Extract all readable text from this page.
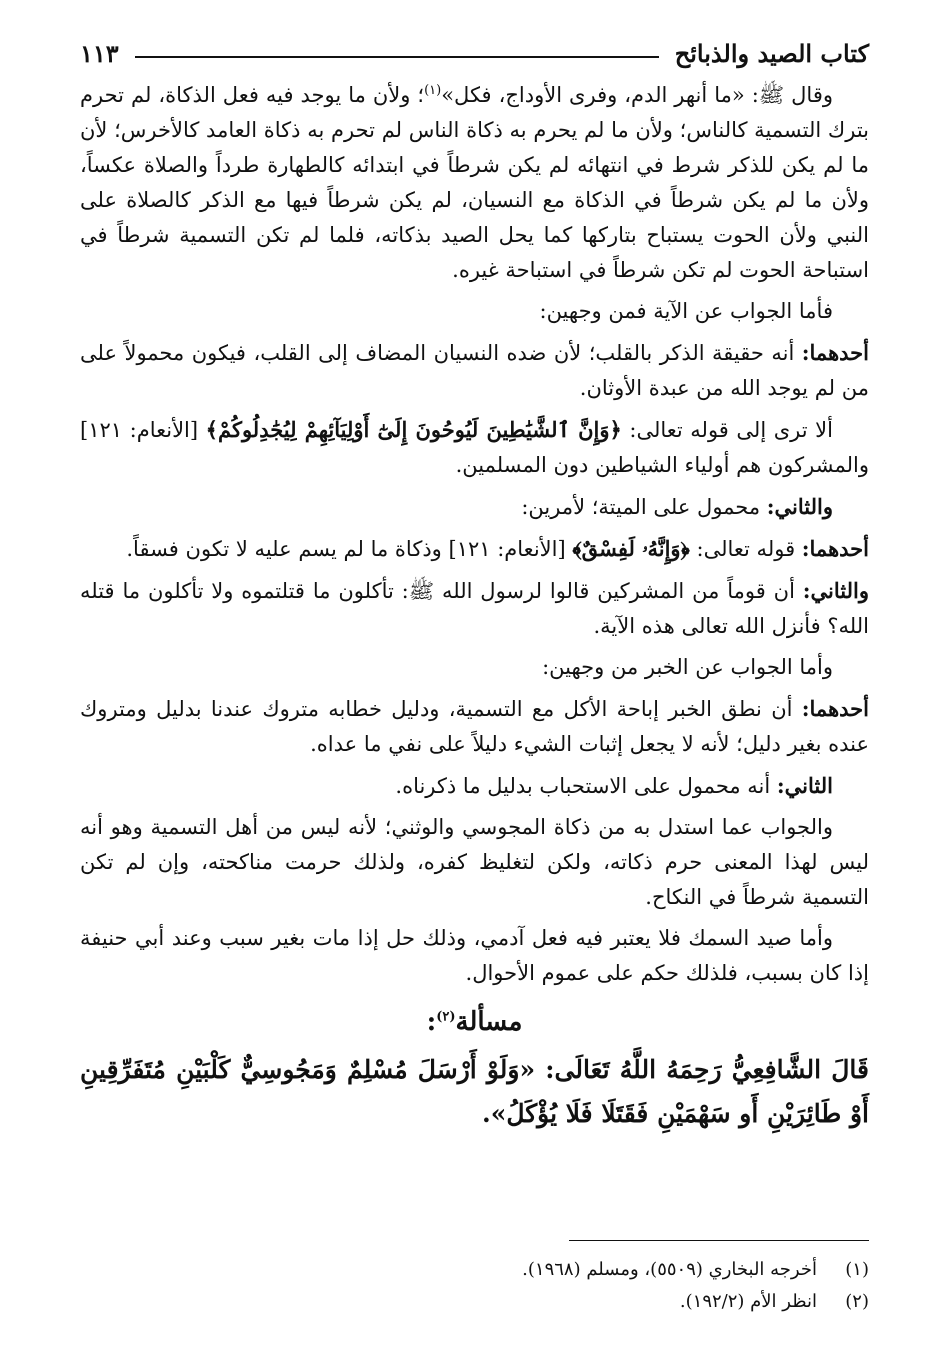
كتاب الصيد والذبائح
١١٣

وقال ﷺ: «ما أنهر الدم، وفرى الأوداج، فكل»$^{(١)}$؛ ولأن ما يوجد فيه فعل الذكاة، لم تحرم بترك التسمية كالناس؛ ولأن ما لم يحرم به ذكاة الناس لم تحرم به ذكاة العامد كالأخرس؛ لأن ما لم يكن للذكر شرط في انتهائه لم يكن شرطاً في ابتدائه كالطهارة طرداً والصلاة عكساً، ولأن ما لم يكن شرطاً في الذكاة مع النسيان، لم يكن شرطاً فيها مع الذكر كالصلاة على النبي ولأن الحوت يستباح بتاركها كما يحل الصيد بذكاته، فلما لم تكن التسمية شرطاً في استباحة الحوت لم تكن شرطاً في استباحة غيره.

فأما الجواب عن الآية فمن وجهين:

أحدهما: أنه حقيقة الذكر بالقلب؛ لأن ضده النسيان المضاف إلى القلب، فيكون محمولاً على من لم يوجد الله من عبدة الأوثان.

ألا ترى إلى قوله تعالى: ﴿وَإِنَّ ٱلشَّيَٰطِينَ لَيُوحُونَ إِلَىٰٓ أَوْلِيَآئِهِمْ لِيُجَٰدِلُوكُمْ﴾ [الأنعام: ١٢١] والمشركون هم أولياء الشياطين دون المسلمين.

والثاني: محمول على الميتة؛ لأمرين:

أحدهما: قوله تعالى: ﴿وَإِنَّهُۥ لَفِسْقٌ﴾ [الأنعام: ١٢١] وذكاة ما لم يسم عليه لا تكون فسقاً.

والثاني: أن قوماً من المشركين قالوا لرسول الله ﷺ: تأكلون ما قتلتموه ولا تأكلون ما قتله الله؟ فأنزل الله تعالى هذه الآية.

وأما الجواب عن الخبر من وجهين:

أحدهما: أن نطق الخبر إباحة الأكل مع التسمية، ودليل خطابه متروك عندنا بدليل ومتروك عنده بغير دليل؛ لأنه لا يجعل إثبات الشيء دليلاً على نفي ما عداه.

الثاني: أنه محمول على الاستحباب بدليل ما ذكرناه.

والجواب عما استدل به من ذكاة المجوسي والوثني؛ لأنه ليس من أهل التسمية وهو أنه ليس لهذا المعنى حرم ذكاته، ولكن لتغليظ كفره، ولذلك حرمت مناكحته، وإن لم تكن التسمية شرطاً في النكاح.

وأما صيد السمك فلا يعتبر فيه فعل آدمي، وذلك حل إذا مات بغير سبب وعند أبي حنيفة إذا كان بسبب، فلذلك حكم على عموم الأحوال.

مسألة$^{(٢)}$:

قَالَ الشَّافِعِيُّ رَحِمَهُ اللَّهُ تَعَالَى: «وَلَوْ أَرْسَلَ مُسْلِمٌ وَمَجُوسِيٌّ كَلْبَيْنِ مُتَفَرِّقِينِ أَوْ طَائِرَيْنِ أَو سَهْمَيْنِ فَقَتَلَا فَلَا يُؤْكَلُ».

(١)
أخرجه البخاري (٥٥٠٩)، ومسلم (١٩٦٨).
(٢)
انظر الأم (١٩٢/٢).
